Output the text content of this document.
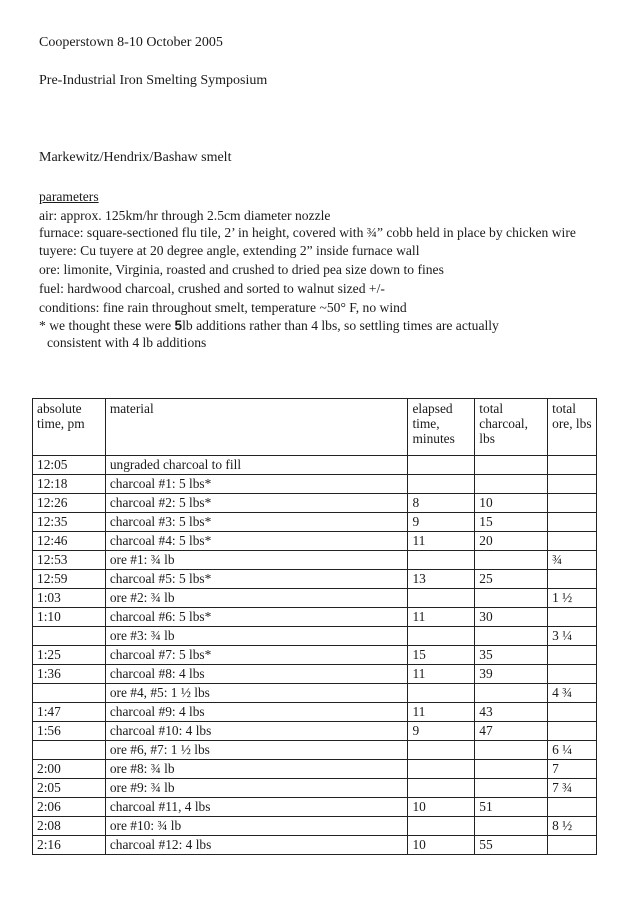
Cooperstown 8-10 October 2005
Pre-Industrial Iron Smelting Symposium
Markewitz/Hendrix/Bashaw smelt
parameters
air: approx. 125km/hr through 2.5cm diameter nozzle
furnace: square-sectioned flu tile, 2’ in height, covered with ¾” cobb held in place by chicken wire
tuyere: Cu tuyere at 20 degree angle, extending 2” inside furnace wall
ore: limonite, Virginia, roasted and crushed to dried pea size down to fines
fuel: hardwood charcoal, crushed and sorted to walnut sized +/-
conditions: fine rain throughout smelt, temperature ~50° F, no wind
* we thought these were 5lb additions rather than 4 lbs, so settling times are actually
consistent with 4 lb additions
absolute time, pm	material	elapsed time, minutes	total charcoal, lbs	total ore, lbs
12:05	ungraded charcoal to fill			
12:18	charcoal #1: 5 lbs*			
12:26	charcoal #2: 5 lbs*	8	10	
12:35	charcoal #3: 5 lbs*	9	15	
12:46	charcoal #4: 5 lbs*	11	20	
12:53	ore #1: ¾ lb			¾
12:59	charcoal #5: 5 lbs*	13	25	
1:03	ore #2: ¾ lb			1 ½
1:10	charcoal #6: 5 lbs*	11	30	
	ore #3: ¾ lb			3 ¼
1:25	charcoal #7: 5 lbs*	15	35	
1:36	charcoal #8: 4 lbs	11	39	
	ore #4, #5: 1 ½ lbs			4 ¾
1:47	charcoal #9: 4 lbs	11	43	
1:56	charcoal #10: 4 lbs	9	47	
	ore #6, #7: 1 ½ lbs			6 ¼
2:00	ore #8: ¾ lb			7
2:05	ore #9: ¾ lb			7 ¾
2:06	charcoal #11, 4 lbs	10	51	
2:08	ore #10: ¾ lb			8 ½
2:16	charcoal #12: 4 lbs	10	55	
